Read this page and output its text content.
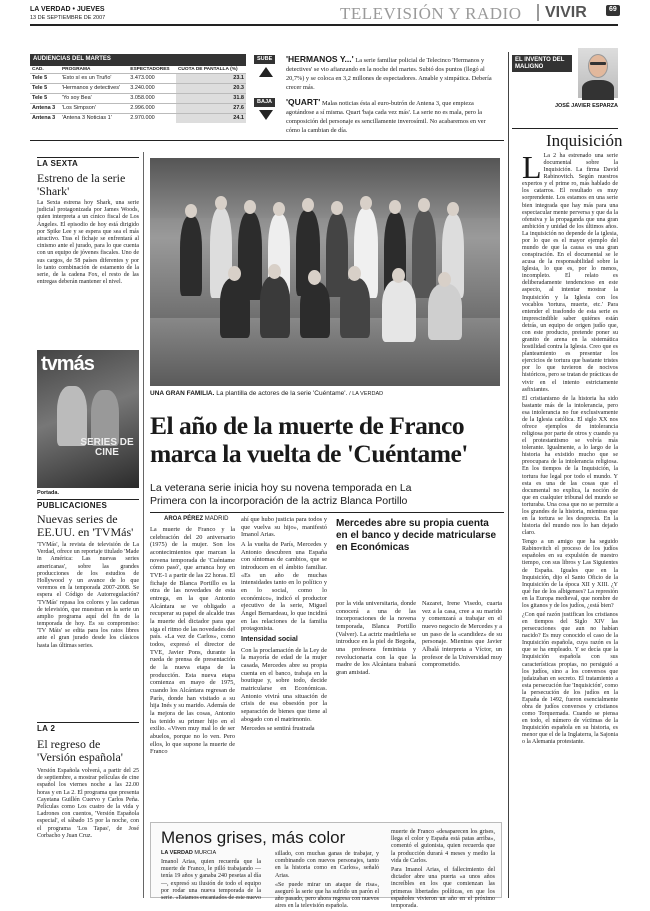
LA VERDAD • JUEVES
13 DE SEPTIEMBRE DE 2007	TELEVISIÓN Y RADIO VIVIR	69
AUDIENCIAS DEL MARTES
CAD.	PROGRAMA	ESPECTADORES	CUOTA DE PANTALLA (%)
Tele 5	'Esto sí es un Truño'	3.473.000	23.1
Tele 5	'Hermanos y detectives'	3.240.000	20.3
Tele 5	'Yo soy Bea'	3.058.000	31.8
Antena 3	'Los Simpson'	2.996.000	27.6
Antena 3	'Antena 3 Noticias 1'	2.970.000	24.1
SUBE	'HERMANOS Y...' La serie familiar policial de Telecinco 'Hermanos y detectives' se vio afianzando en la noche del martes. Subió dos puntos (llegó al 20,7%) y se coloca en 3,2 millones de espectadores. Amable y simpática. Debería crecer más.
BAJA	'QUART' Malas noticias ésta al euro-butrón de Antena 3, que empieza agotándose a sí misma. Quart 'baja cada vez más'. La serie no es mala, pero la composición del personaje es sencillamente inverosímil. No acabaremos en ver cómo la cambian de día.
EL INVENTO DEL MALIGNO
JOSÉ JAVIER ESPARZA
Inquisición
L La 2 ha estrenado una serie documental sobre la Inquisición. La firma David Rabinovitch. Según nuestros expertos y el prime ro, más hablado de los catarros. El resultado es muy sorprendente. Los estamos en una serie bien integrada que hay más para una espectacular mente perversa y que da la ofensiva y la propaganda que una gran ambición y unidad de los últimos años. La inquisición no depende de la iglesia, por lo que es el mayor ejemplo del mundo de que la causa es una gran conspiración. En el documental se le acusa de la responsabilidad sobre la Iglesia, lo que es, por lo menos, incompleto. El relato es deliberadamente tendencioso en este aspecto, al intentar mostrar la Inquisición y la Iglesia con los vocablos 'tortura, muerte, etc.' Para entender el trasfondo de esta serie es imprescindible saber quiénes están detrás, un equipo de origen judío que, con este producto, pretende poner su granito de arena en la sistemática hostilidad contra la Iglesia. Creo que es planteamiento es presentar los ejercicios de tortura que bastante tristes por lo que tuvieron de nocivos históricos, pero se tratan de prácticas de vivir en el intento estrictamente asfixiantes.

El cristianismo de la historia ha sido bastante más de la intolerancia, pero esa intolerancia no fue exclusivamente de la Iglesia católica. El siglo XX nos ofrece ejemplos de intolerancia religiosa por parte de otros y cuando ya el protestantismo se volvía más tolerante. Igualmente, a lo largo de la historia ha existido mucho que se preocupara de la intolerancia religiosa. En los tiempos de la Inquisición, la tortura fue legal por todo el mundo. Y esta es una de las cosas que el documental no explica, la noción de que en cualquier tribunal del mundo se torturaba. Una cosa que no se permite a los grandes de la historia, mientras que en la tortura se les desprecia. En la historia del mundo nos lo han dejado claro.

Tengo a un amigo que ha seguido Rabinovitch el proceso de los judíos españoles en su expulsión de nuestro tiempo, con sus libros y Las Siguientes de España. Iguales que en la Inquisición, dijo el Santo Oficio de la Inquisición de la época XII y XIII. ¿Y qué fue de los albigenses? La represión en la Europa medieval, que nombre de los gitanos y de los judíos, ¿está bien?

¿Con qué razón justifican los cristianos en tiempos del Siglo XIV las persecuciones que aun no habían nacido? Es muy conocido el caso de la Inquisición española, cuya razón es la que se ha empleado. Y se decía que la Inquisición española con sus características propias, no persiguió a los judíos, sino a los conversos que judaizaban en secreto. El tratamiento a esta persecución fue 'Inquisición', como la persecución de los judíos en la España de 1492, fueron esencialmente obra de judíos conversos y cristianos como Torquemada. Cuando se piensa en todo, el número de víctimas de la Inquisición española en su historia, es menor que el de la Inglaterra, la Sajonia o la Alemania protestante.

LA SEXTA
Estreno de la serie 'Shark'

La Sexta estrena hoy Shark, una serie judicial protagonizada por James Woods, quien interpreta a un cínico fiscal de Los Ángeles. El episodio de hoy está dirigido por Spike Lee y se espera que sea el más atractivo. Tras el fichaje se enfrentará al cinismo ante el jurado, para lo que cuenta con un equipo de jóvenes fiscales. Uno de sus cargos, de 58 países diferentes y por lo tanto combinación de estamento de la serie, de la cadena Fox, el resto de las entregas deberán mantener el nivel.

tvmás
SERIES DE CINE
Portada.
PUBLICACIONES
Nuevas series de EE.UU. en 'TVMás'

'TVMás', la revista de televisión de La Verdad, ofrece un reportaje titulado 'Made in América: Las nuevas series americanas', sobre las grandes producciones de los estudios de Hollywood y un avance de lo que veremos en la temporada 2007-2008. Se espera el Código de Autorregulación? 'TVMás' repasa los colores y las cadenas de televisión, que muestran en la serie un amplio programa aquí del fin de la temporada de hoy. Es su compromiso: 'TV Máis' se edita para los ratos libres ante el gran jurado desde los clásicos hasta las últimas series.

LA 2
El regreso de 'Versión española'

Versión Española volverá, a partir del 25 de septiembre, a mostrar películas de cine español los viernes noche a las 22.00 horas y en La 2. El programa que presenta Cayetana Guillén Cuervo y Carlos Peña. Películas como Los cuatro de la vida y Ladrones con cuentos, 'Versión Española especial', el sábado 15 por la noche, con el programa 'Los Tapas', de José Corbacho y Juan Cruz.

UNA GRAN FAMILIA. La plantilla de actores de la serie 'Cuéntame'. / LA VERDAD
El año de la muerte de Franco
marca la vuelta de 'Cuéntame'
La veterana serie inicia hoy su novena temporada en La
Primera con la incorporación de la actriz Blanca Portillo
AROA PÉREZ MADRID

La muerte de Franco y la celebración del 20 aniversario (1975) de la mujer. Son los acontecimientos que marcan la novena temporada de 'Cuéntame cómo pasó', que arranca hoy en TVE-1 a partir de las 22 horas. El fichaje de Blanca Portillo es la otra de las novedades de esta entrega, en la que Antonio Alcántara se ve obligado a recuperar su papel de alcalde tras la muerte del dictador para que siga el ritmo de las novedades del país. «La vez de Carlos», como todos, expresó el director de TVE, Javier Pons, durante la rueda de prensa de presentación de la nueva etapa de la producción. Esta nueva etapa comienza en mayo de 1975, cuando los Alcántara regresan de París, donde han visitado a su hija Inés y su marido. Además de la mejora de las cosas, Antonio ha tenido su primer hijo en el exilio. «Viven muy mal lo de ser abuelos, porque no lo ven. Pero ellos, lo que supone la muerte de Franco

ahí que hubo justicia para todos y que vuelva su hijo», manifestó Imanol Arias.

A la vuelta de París, Mercedes y Antonio descubren una España con síntomas de cambios, que se introducen en el ámbito familiar. «Es un año de muchas intensidades tanto en lo político y en lo social, como lo económico», indicó el productor ejecutivo de la serie, Miguel Ángel Bernardeau, lo que incidirá en las relaciones de la familia protagonista.

Intensidad social

Con la proclamación de la Ley de la mayoría de edad de la mujer casada, Mercedes abre su propia cuenta en el banco, trabaja en la boutique y, sobre todo, decide matricularse en Económicas. Antonio vivirá una situación de crisis de esa obsesión por la separación de bienes que tiene al abogado con el matrimonio.

Mercedes se sentirá frustrada

Mercedes abre su propia cuenta en el banco y decide matricularse en Económicas

por la vida universitaria, donde conocerá a una de las incorporaciones de la novena temporada, Blanca Portillo (Valver). La actriz madrileña se introduce en la piel de Begoña, una profesora feminista y revolucionaria con la que la madre de los Alcántara trabará gran amistad.

Nazaret, Irene Visedo, cuarta vez a la casa, cree a su marido y comenzará a trabajar en el nuevo negocio de Mercedes y a un paso de la «candidez» de su personaje. Mientras que Javier Albalá interpreta a Víctor, un profesor de la Universidad muy comprometido.

Menos grises, más color
LA VERDAD MURCIA

Imanol Arias, quien recuerda que la muerte de Franco, le pilló trabajando —tenía 19 años y ganaba 240 pesetas al día—, expresó su ilusión de todo el equipo por rodar una nueva temporada de la serie. «Estamos encantados de este nuevo

sillado, con muchas ganas de trabajar, y combinando con nuevos personajes, tanto en la historia como en Carlos», señaló Arias.

«Se puede mirar un ataque de risa», aseguró la serie que ha sufrido un parón el año pasado, pero ahora regresa con nuevos aires en la televisión española.

muerte de Franco «desaparecen los grises, llega el color y España está patas arriba», comentó el guionista, quien recuerda que la producción durará 4 meses y medio la vida de Carlos.

Para Imanol Arias, el fallecimiento del dictador abre una puerta «a unos años increíbles en los que comienzan las primeras libertades políticas, en que los españoles vivieron un año en el próximo temporada.
